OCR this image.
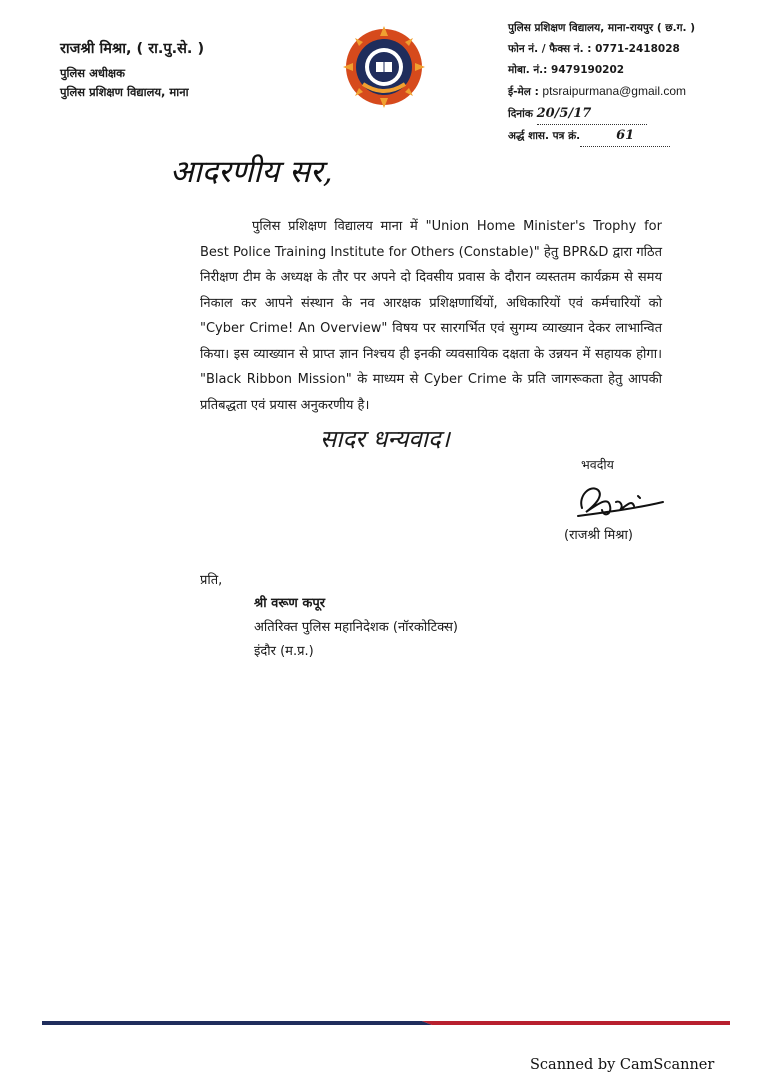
राजश्री मिश्रा, ( रा.पु.से. )
पुलिस अधीक्षक
पुलिस प्रशिक्षण विद्यालय, माना
पुलिस प्रशिक्षण विद्यालय, माना-रायपुर ( छ.ग. )
फोन नं. / फैक्स नं. : 0771-2418028
मोबा. नं.: 9479190202
ई-मेल : ptsraipurmana@gmail.com
दिनांक 20/5/17
अर्द्ध शास. पत्र क्रं.	61
आदरणीय सर,
पुलिस प्रशिक्षण विद्यालय माना में "Union Home Minister's Trophy for Best Police Training Institute for Others (Constable)" हेतु BPR&D द्वारा गठित निरीक्षण टीम के अध्यक्ष के तौर पर अपने दो दिवसीय प्रवास के दौरान व्यस्ततम कार्यक्रम से समय निकाल कर आपने संस्थान के नव आरक्षक प्रशिक्षणार्थियों, अधिकारियों एवं कर्मचारियों को "Cyber Crime! An Overview" विषय पर सारगर्भित एवं सुगम्य व्याख्यान देकर लाभान्वित किया। इस व्याख्यान से प्राप्त ज्ञान निश्चय ही इनकी व्यवसायिक दक्षता के उन्नयन में सहायक होगा। "Black Ribbon Mission" के माध्यम से Cyber Crime के प्रति जागरूकता हेतु आपकी प्रतिबद्धता एवं प्रयास अनुकरणीय है।
सादर धन्यवाद।
भवदीय
(राजश्री मिश्रा)
प्रति,
श्री वरूण कपूर
अतिरिक्त पुलिस महानिदेशक (नॉरकोटिक्स)
इंदौर (म.प्र.)
Scanned by CamScanner
